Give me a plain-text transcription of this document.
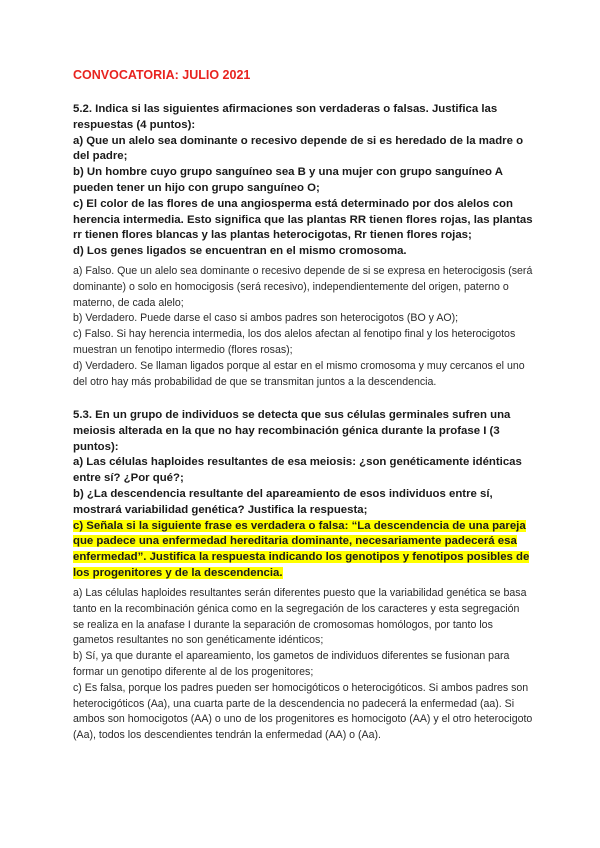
CONVOCATORIA: JULIO 2021

5.2. Indica si las siguientes afirmaciones son verdaderas o falsas. Justifica las respuestas (4 puntos):

a) Que un alelo sea dominante o recesivo depende de si es heredado de la madre o del padre;

b) Un hombre cuyo grupo sanguíneo sea B y una mujer con grupo sanguíneo A pueden tener un hijo con grupo sanguíneo O;

c) El color de las flores de una angiosperma está determinado por dos alelos con herencia intermedia. Esto significa que las plantas RR tienen flores rojas, las plantas rr tienen flores blancas y las plantas heterocigotas, Rr tienen flores rojas;

d) Los genes ligados se encuentran en el mismo cromosoma.

a) Falso. Que un alelo sea dominante o recesivo depende de si se expresa en heterocigosis (será dominante) o solo en homocigosis (será recesivo), independientemente del origen, paterno o materno, de cada alelo;

b) Verdadero. Puede darse el caso si ambos padres son heterocigotos (BO y AO);

c) Falso. Si hay herencia intermedia, los dos alelos afectan al fenotipo final y los heterocigotos muestran un fenotipo intermedio (flores rosas);

d) Verdadero. Se llaman ligados porque al estar en el mismo cromosoma y muy cercanos el uno del otro hay más probabilidad de que se transmitan juntos a la descendencia.

5.3. En un grupo de individuos se detecta que sus células germinales sufren una meiosis alterada en la que no hay recombinación génica durante la profase I (3 puntos):

a) Las células haploides resultantes de esa meiosis: ¿son genéticamente idénticas entre sí? ¿Por qué?;

b) ¿La descendencia resultante del apareamiento de esos individuos entre sí, mostrará variabilidad genética? Justifica la respuesta;

c) Señala si la siguiente frase es verdadera o falsa: “La descendencia de una pareja que padece una enfermedad hereditaria dominante, necesariamente padecerá esa enfermedad”. Justifica la respuesta indicando los genotipos y fenotipos posibles de los progenitores y de la descendencia.

a) Las células haploides resultantes serán diferentes puesto que la variabilidad genética se basa tanto en la recombinación génica como en la segregación de los caracteres y esta segregación se realiza en la anafase I durante la separación de cromosomas homólogos, por tanto los gametos resultantes no son genéticamente idénticos;

b) Sí, ya que durante el apareamiento, los gametos de individuos diferentes se fusionan para formar un genotipo diferente al de los progenitores;

c) Es falsa, porque los padres pueden ser homocigóticos o heterocigóticos. Si ambos padres son heterocigóticos (Aa), una cuarta parte de la descendencia no padecerá la enfermedad (aa). Si ambos son homocigotos (AA) o uno de los progenitores es homocigoto (AA) y el otro heterocigoto (Aa), todos los descendientes tendrán la enfermedad (AA) o (Aa).
